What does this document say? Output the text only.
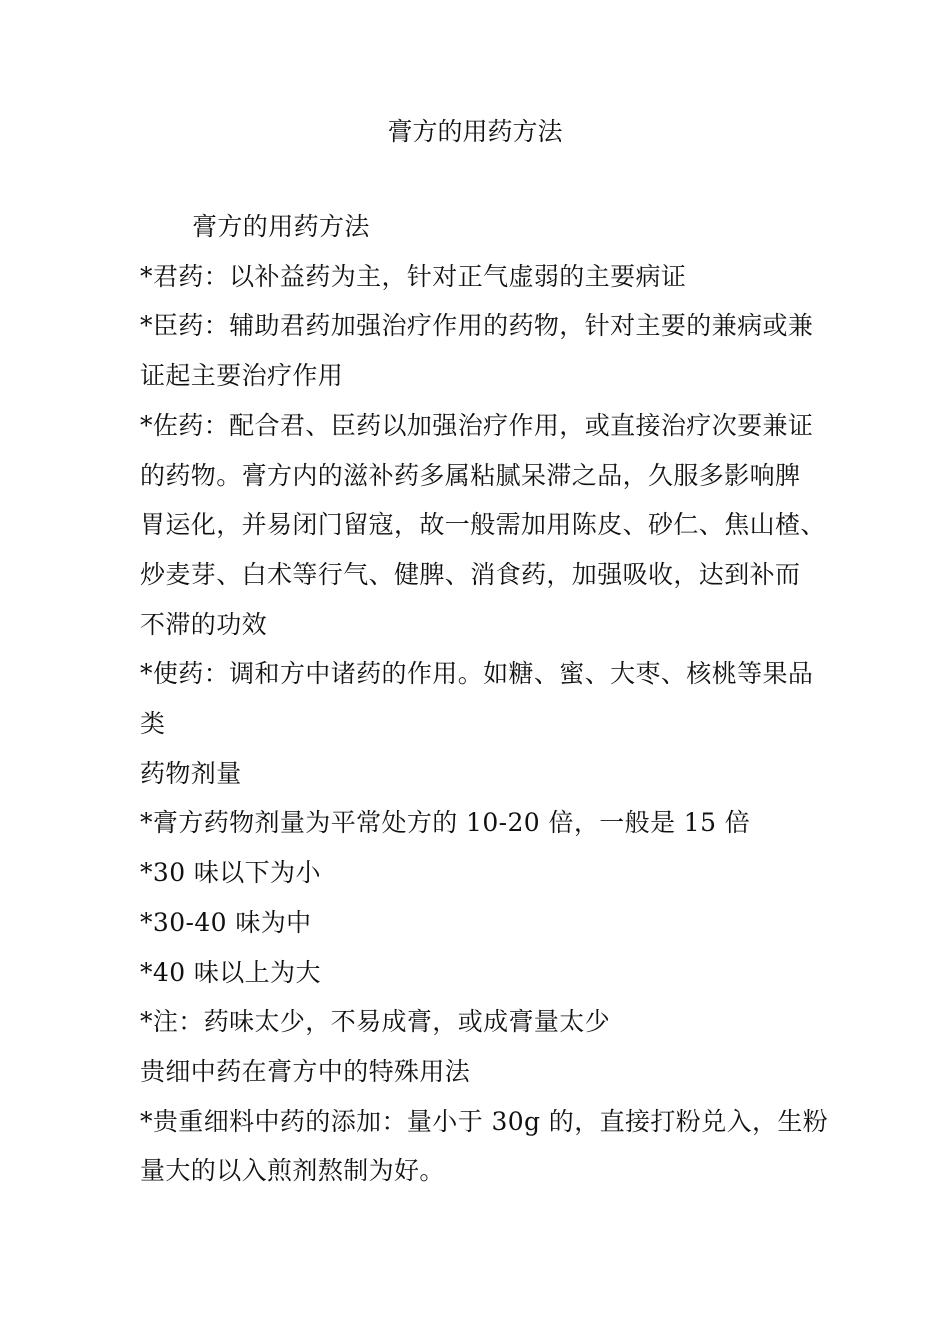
膏方的用药方法

膏方的用药方法

*君药：以补益药为主，针对正气虚弱的主要病证

*臣药：辅助君药加强治疗作用的药物，针对主要的兼病或兼

证起主要治疗作用

*佐药：配合君、臣药以加强治疗作用，或直接治疗次要兼证

的药物。膏方内的滋补药多属粘腻呆滞之品，久服多影响脾

胃运化，并易闭门留寇，故一般需加用陈皮、砂仁、焦山楂、

炒麦芽、白术等行气、健脾、消食药，加强吸收，达到补而

不滞的功效

*使药：调和方中诸药的作用。如糖、蜜、大枣、核桃等果品

类

药物剂量

*膏方药物剂量为平常处方的 10-20 倍，一般是 15 倍

*30 味以下为小

*30-40 味为中

*40 味以上为大

*注：药味太少，不易成膏，或成膏量太少

贵细中药在膏方中的特殊用法

*贵重细料中药的添加：量小于 30g 的，直接打粉兑入，生粉

量大的以入煎剂熬制为好。
